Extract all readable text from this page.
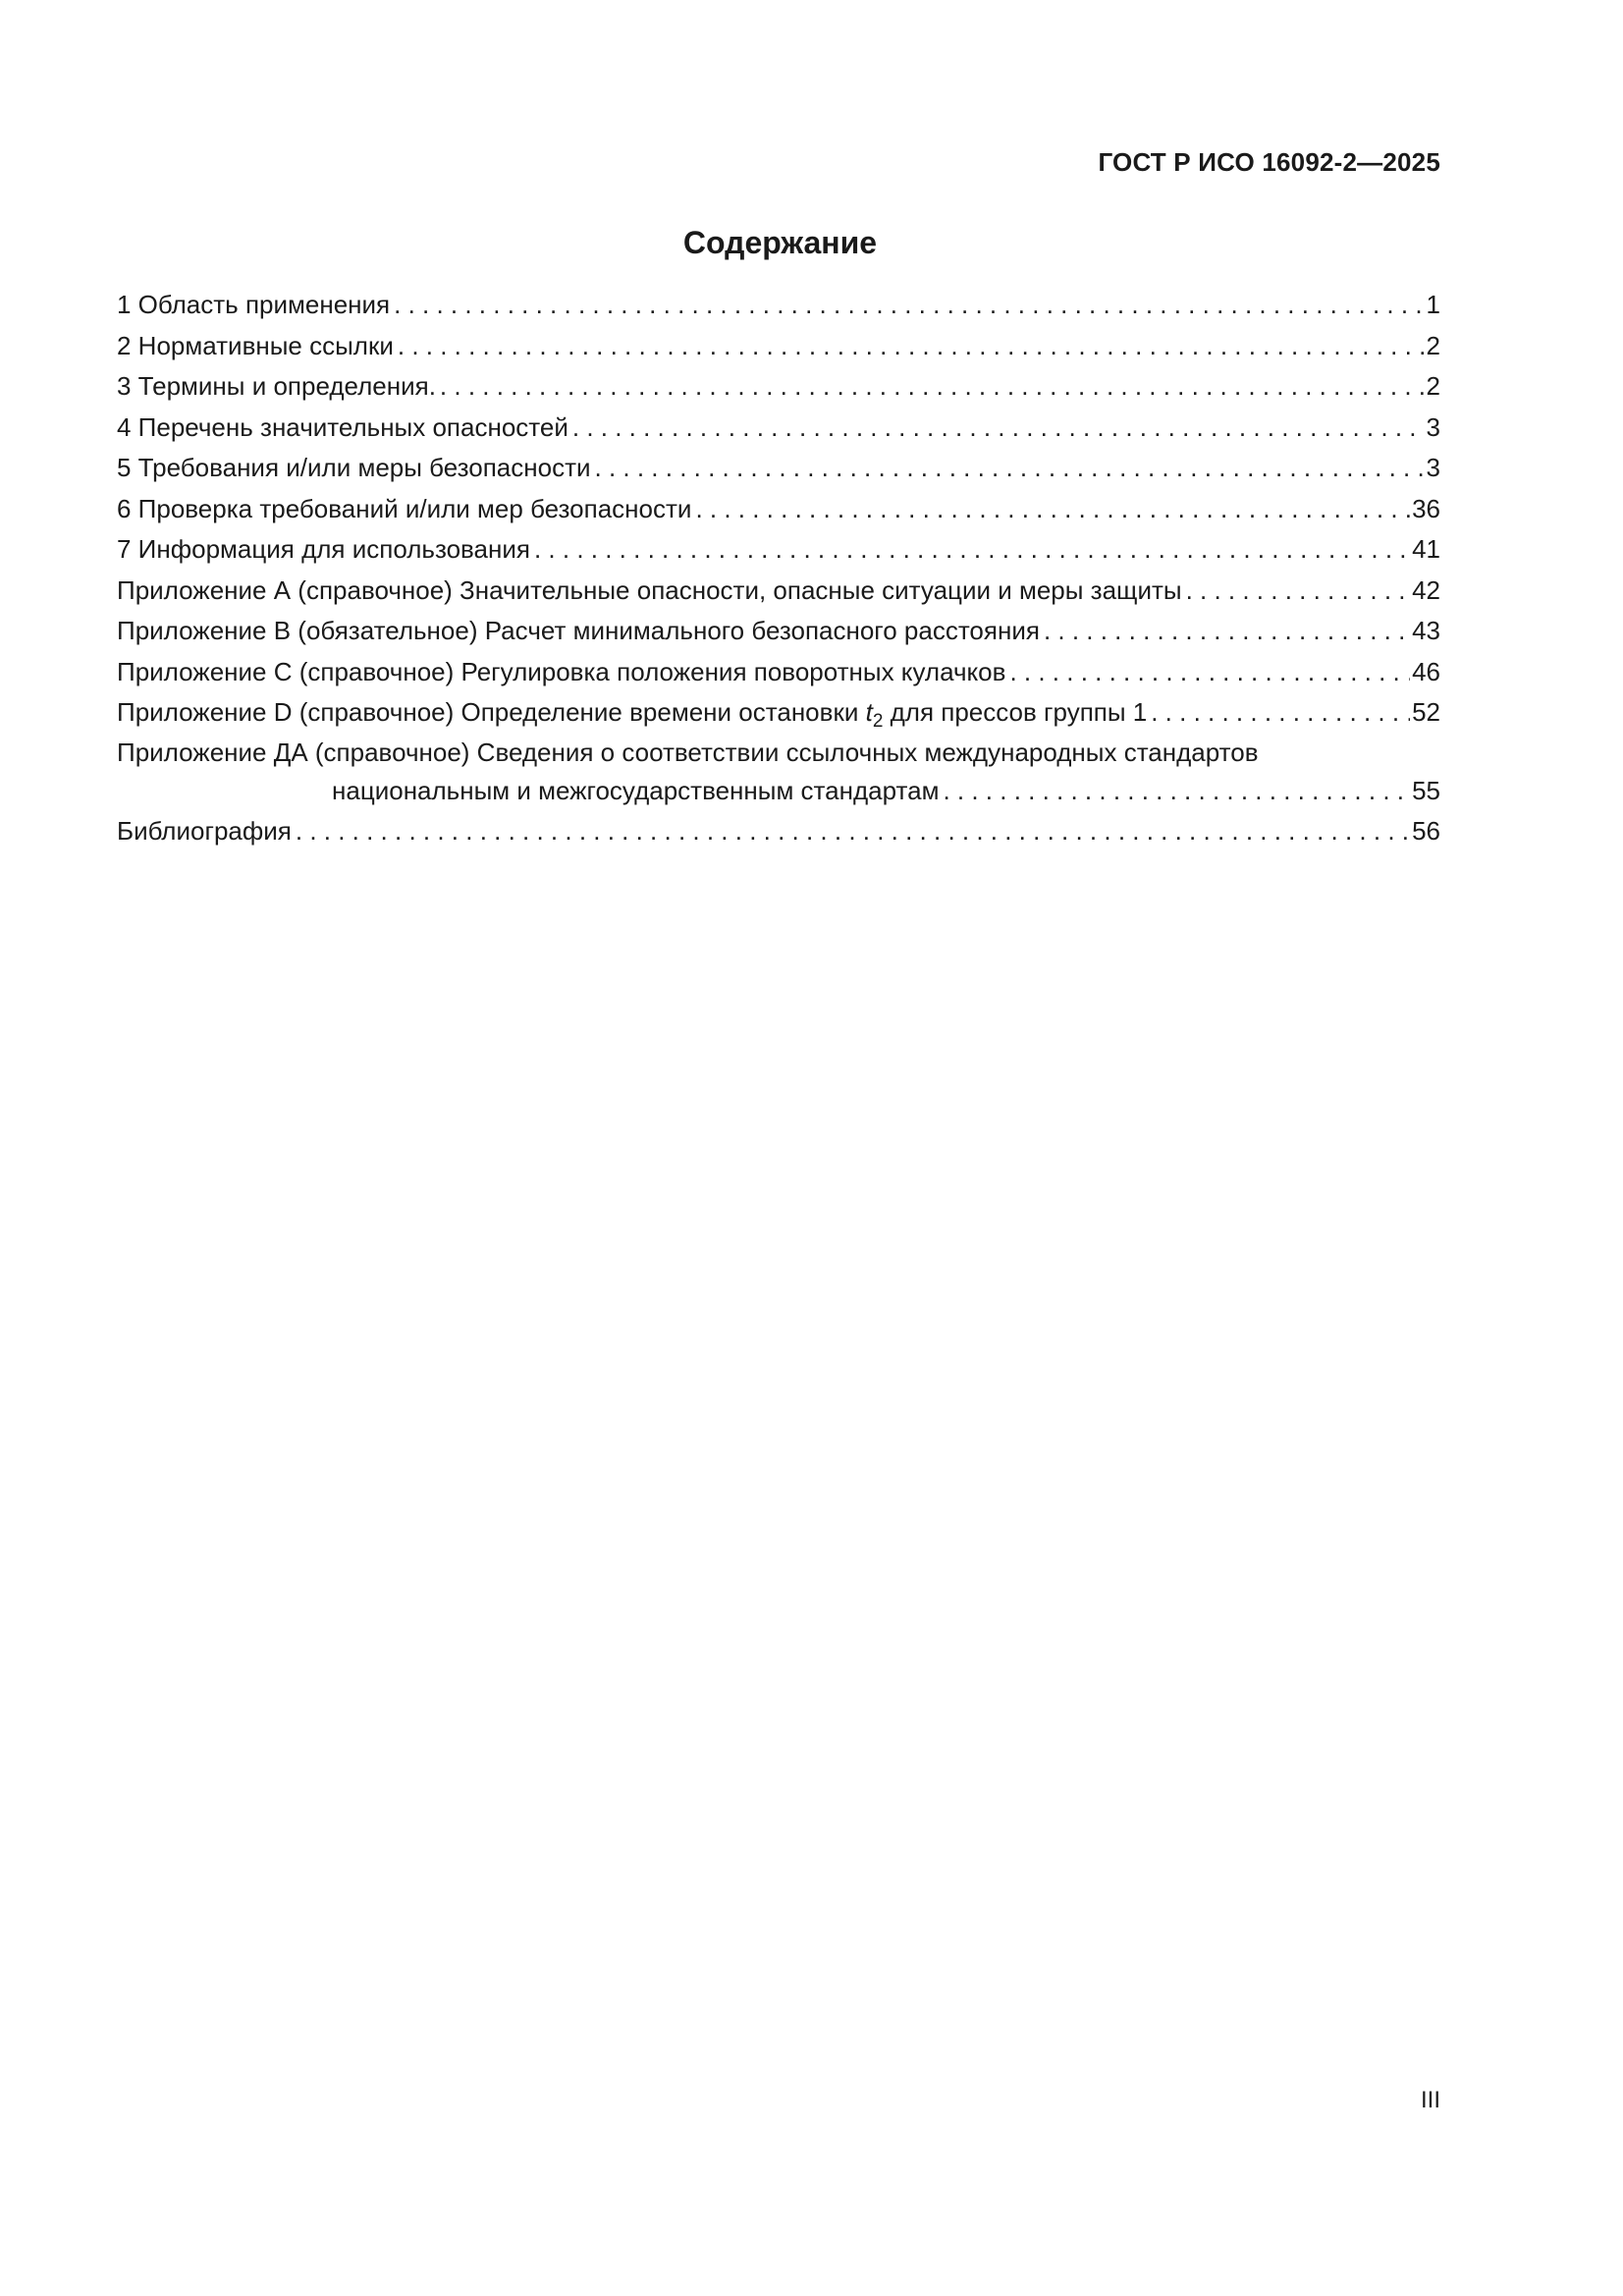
ГОСТ Р ИСО 16092-2—2025
Содержание
1 Область применения . . .	1
2 Нормативные ссылки . . .	2
3 Термины и определения. . . .	2
4 Перечень значительных опасностей . . .	3
5 Требования и/или меры безопасности . . .	3
6 Проверка требований и/или мер безопасности . . .	36
7 Информация для использования . . .	41
Приложение А (справочное) Значительные опасности, опасные ситуации и меры защиты . . .	42
Приложение В (обязательное) Расчет минимального безопасного расстояния . . .	43
Приложение С (справочное) Регулировка положения поворотных кулачков . . .	46
Приложение D (справочное) Определение времени остановки $t_2$ для прессов группы 1 . . .	52
Приложение ДА (справочное) Сведения о соответствии ссылочных международных стандартов
национальным и межгосударственным стандартам . . .	55
Библиография . . .	56
III
